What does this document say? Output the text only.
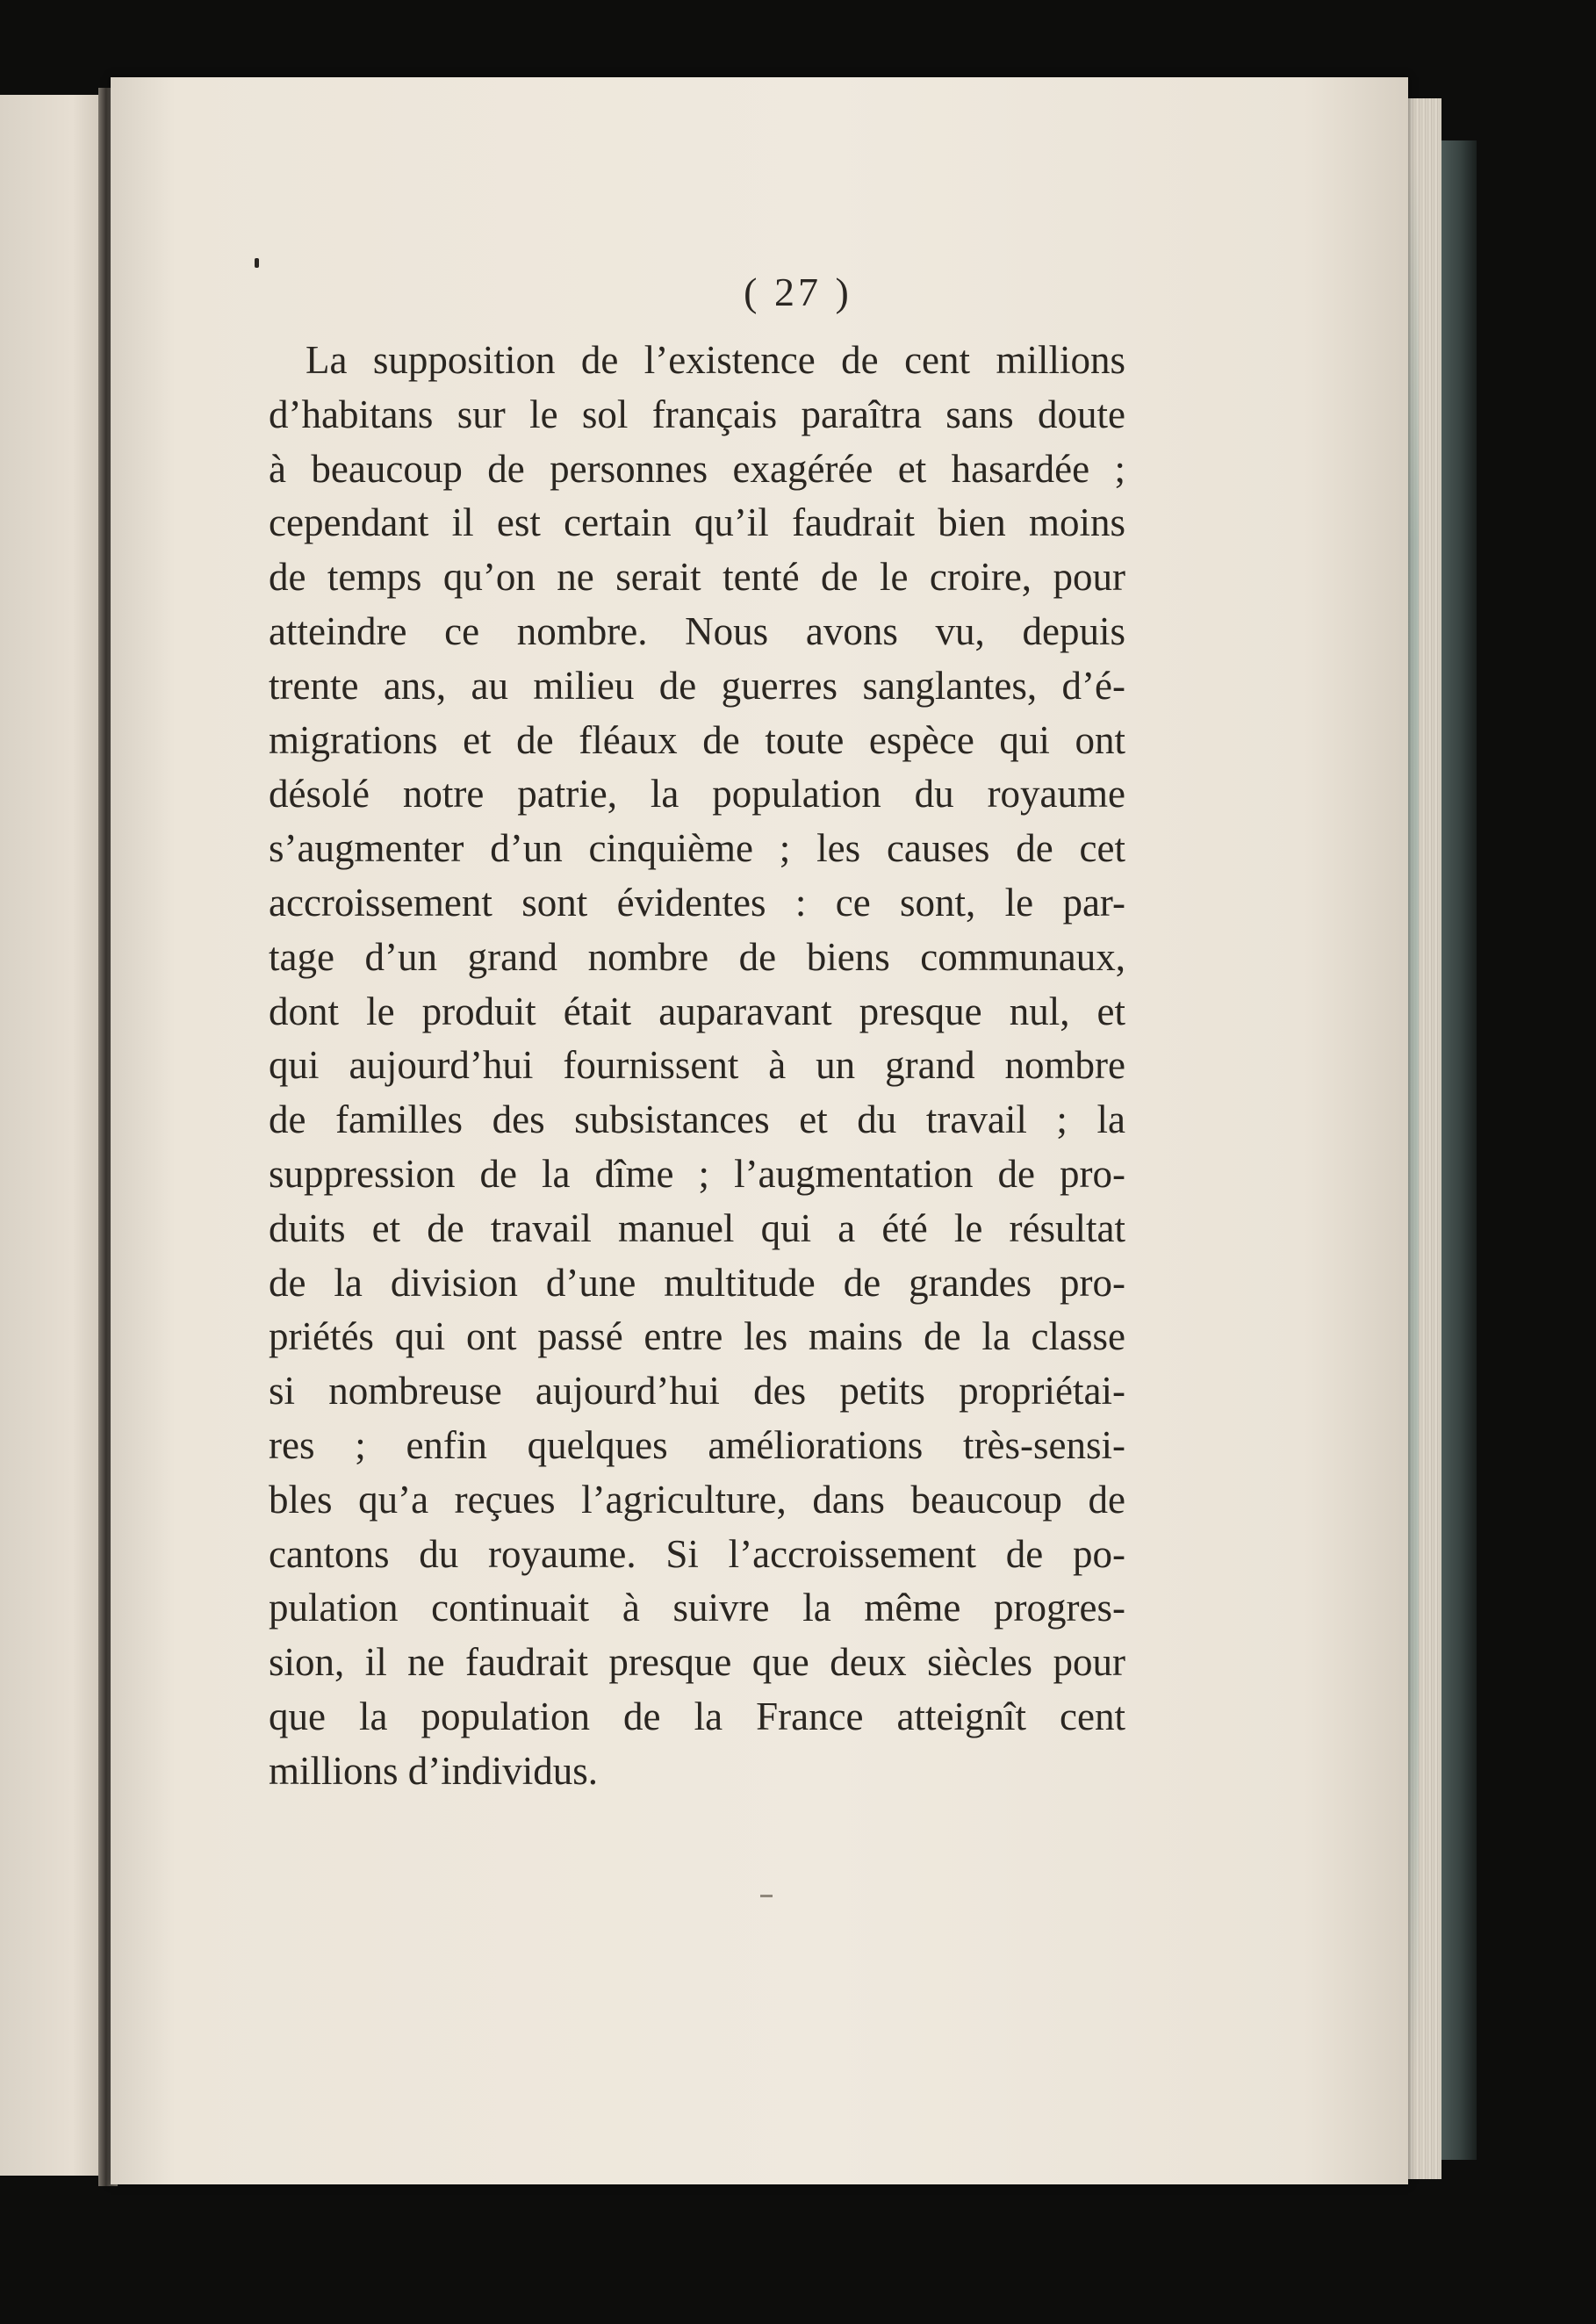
( 27 )
La supposition de l’existence de cent millions
d’habitans sur le sol français paraîtra sans doute
à beaucoup de personnes exagérée et hasardée ;
cependant il est certain qu’il faudrait bien moins
de temps qu’on ne serait tenté de le croire, pour
atteindre ce nombre. Nous avons vu, depuis
trente ans, au milieu de guerres sanglantes, d’é-
migrations et de fléaux de toute espèce qui ont
désolé notre patrie, la population du royaume
s’augmenter d’un cinquième ; les causes de cet
accroissement sont évidentes : ce sont, le par-
tage d’un grand nombre de biens communaux,
dont le produit était auparavant presque nul, et
qui aujourd’hui fournissent à un grand nombre
de familles des subsistances et du travail ; la
suppression de la dîme ; l’augmentation de pro-
duits et de travail manuel qui a été le résultat
de la division d’une multitude de grandes pro-
priétés qui ont passé entre les mains de la classe
si nombreuse aujourd’hui des petits propriétai-
res ; enfin quelques améliorations très-sensi-
bles qu’a reçues l’agriculture, dans beaucoup de
cantons du royaume. Si l’accroissement de po-
pulation continuait à suivre la même progres-
sion, il ne faudrait presque que deux siècles pour
que la population de la France atteignît cent
millions d’individus.
